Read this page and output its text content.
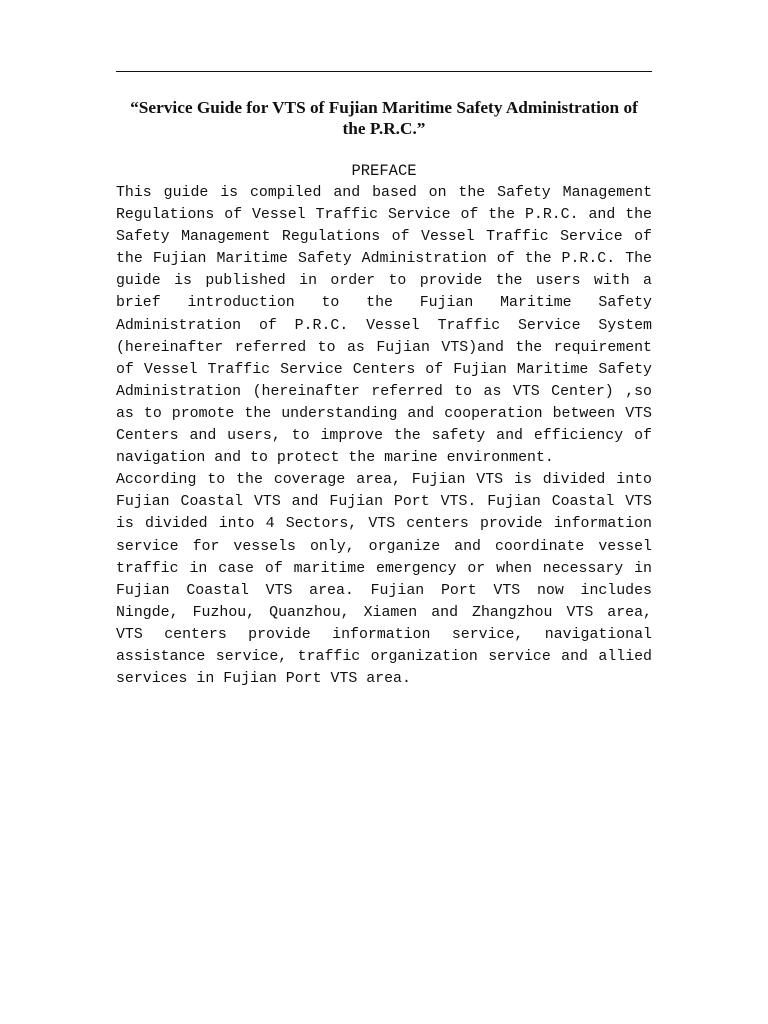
“Service Guide for VTS of Fujian Maritime Safety Administration of
the P.R.C.”
PREFACE

This guide is compiled and based on the Safety Management
Regulations of Vessel Traffic Service of the P.R.C. and the
Safety Management Regulations of Vessel Traffic Service of
the Fujian Maritime Safety Administration of the P.R.C. The
guide is published in order to provide the users with a
brief introduction to the Fujian Maritime Safety
Administration of P.R.C. Vessel Traffic Service System
(hereinafter referred to as Fujian VTS)and the requirement
of Vessel Traffic Service Centers of Fujian Maritime Safety
Administration (hereinafter referred to as VTS Center) ,so
as to promote the understanding and cooperation between VTS
Centers and users, to improve the safety and efficiency of
navigation and to protect the marine environment.

According to the coverage area, Fujian VTS is divided into
Fujian Coastal VTS and Fujian Port VTS. Fujian Coastal VTS
is divided into 4 Sectors, VTS centers provide information
service for vessels only, organize and coordinate vessel
traffic in case of maritime emergency or when necessary in
Fujian Coastal VTS area. Fujian Port VTS now includes
Ningde, Fuzhou, Quanzhou, Xiamen and Zhangzhou VTS area,
VTS centers provide information service, navigational
assistance service, traffic organization service and allied
services in Fujian Port VTS area.
